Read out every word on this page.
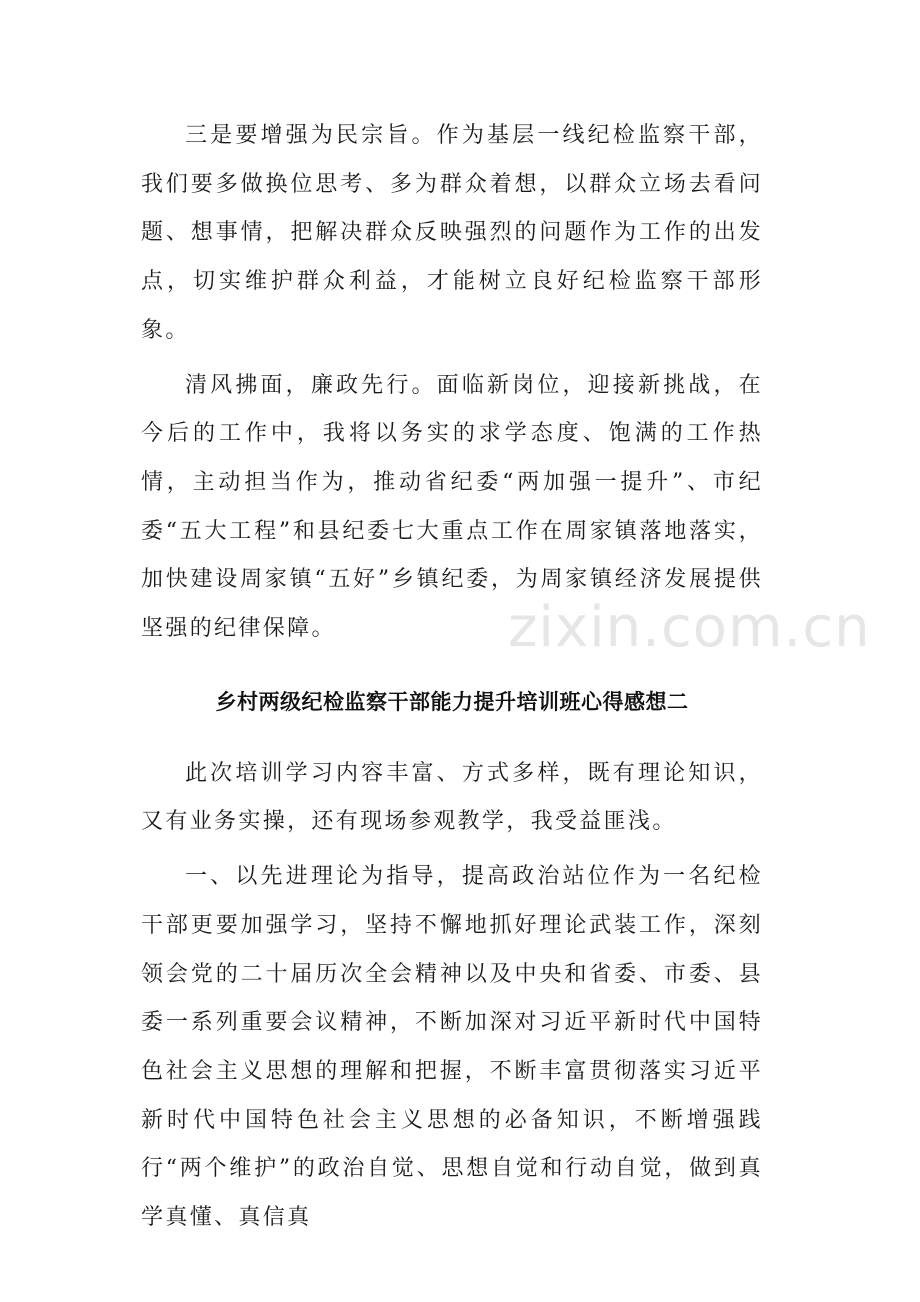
zixin.com.cn

三是要增强为民宗旨。作为基层一线纪检监察干部，我们要多做换位思考、多为群众着想，以群众立场去看问题、想事情，把解决群众反映强烈的问题作为工作的出发点，切实维护群众利益，才能树立良好纪检监察干部形象。

清风拂面，廉政先行。面临新岗位，迎接新挑战，在今后的工作中，我将以务实的求学态度、饱满的工作热情，主动担当作为，推动省纪委“两加强一提升”、市纪委“五大工程”和县纪委七大重点工作在周家镇落地落实，加快建设周家镇“五好”乡镇纪委，为周家镇经济发展提供坚强的纪律保障。

乡村两级纪检监察干部能力提升培训班心得感想二

此次培训学习内容丰富、方式多样，既有理论知识，又有业务实操，还有现场参观教学，我受益匪浅。

一、以先进理论为指导，提高政治站位作为一名纪检干部更要加强学习，坚持不懈地抓好理论武装工作，深刻领会党的二十届历次全会精神以及中央和省委、市委、县委一系列重要会议精神，不断加深对习近平新时代中国特色社会主义思想的理解和把握，不断丰富贯彻落实习近平新时代中国特色社会主义思想的必备知识，不断增强践行“两个维护”的政治自觉、思想自觉和行动自觉，做到真学真懂、真信真
